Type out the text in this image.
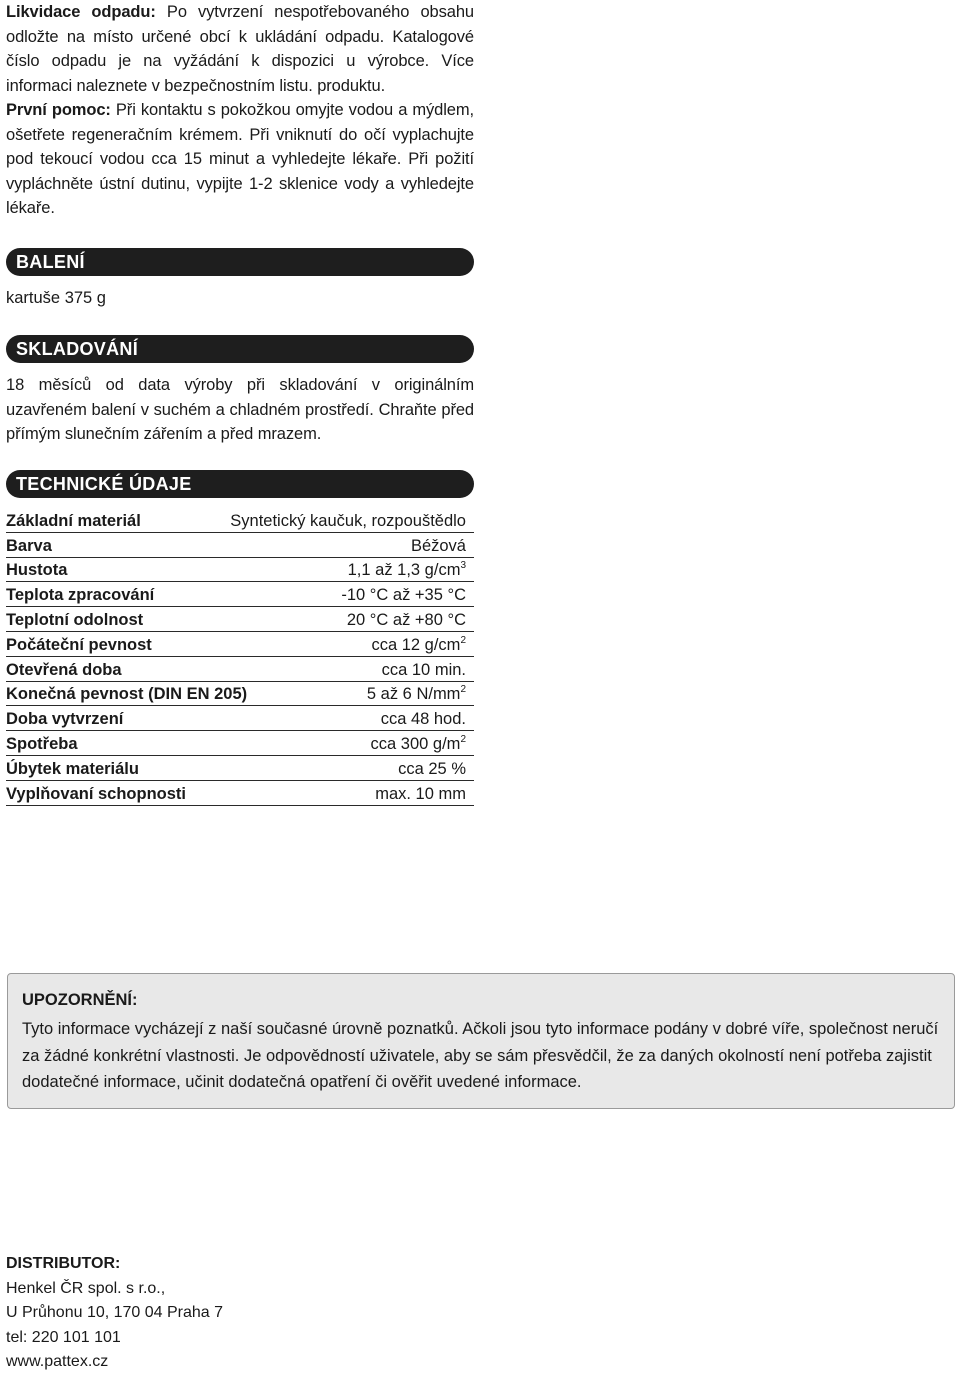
Likvidace odpadu: Po vytvrzení nespotřebovaného obsahu odložte na místo určené obcí k ukládání odpadu. Katalogové číslo odpadu je na vyžádání k dispozici u výrobce. Více informaci naleznete v bezpečnostním listu. produktu.

První pomoc: Při kontaktu s pokožkou omyjte vodou a mýdlem, ošetřete regeneračním krémem. Při vniknutí do očí vyplachujte pod tekoucí vodou cca 15 minut a vyhledejte lékaře. Při požití vypláchněte ústní dutinu, vypijte 1-2 sklenice vody a vyhledejte lékaře.

BALENÍ
kartuše 375 g
SKLADOVÁNÍ

18 měsíců od data výroby při skladování v originálním uzavřeném balení v suchém a chladném prostředí. Chraňte před přímým slunečním zářením a před mrazem.

TECHNICKÉ ÚDAJE
Základní materiál	Syntetický kaučuk, rozpouštědlo
Barva	Béžová
Hustota	1,1 až 1,3 $g/cm^3$
Teplota zpracování	-10 °C až +35 °C
Teplotní odolnost	20 °C až +80 °C
Počáteční pevnost	cca 12 $g/cm^2$
Otevřená doba	cca 10 min.
Konečná pevnost (DIN EN 205)	5 až 6 $N/mm^2$
Doba vytvrzení	cca 48 hod.
Spotřeba	cca 300 $g/m^2$
Úbytek materiálu	cca 25 %
Vyplňovaní schopnosti	max. 10 mm
UPOZORNĚNÍ:

Tyto informace vycházejí z naší současné úrovně poznatků. Ačkoli jsou tyto informace podány v dobré víře, společnost neručí za žádné konkrétní vlastnosti. Je odpovědností uživatele, aby se sám přesvědčil, že za daných okolností není potřeba zajistit dodatečné informace, učinit dodatečná opatření či ověřit uvedené informace.

DISTRIBUTOR:
Henkel ČR spol. s r.o.,
U Průhonu 10, 170 04 Praha 7
tel: 220 101 101
www.pattex.cz
